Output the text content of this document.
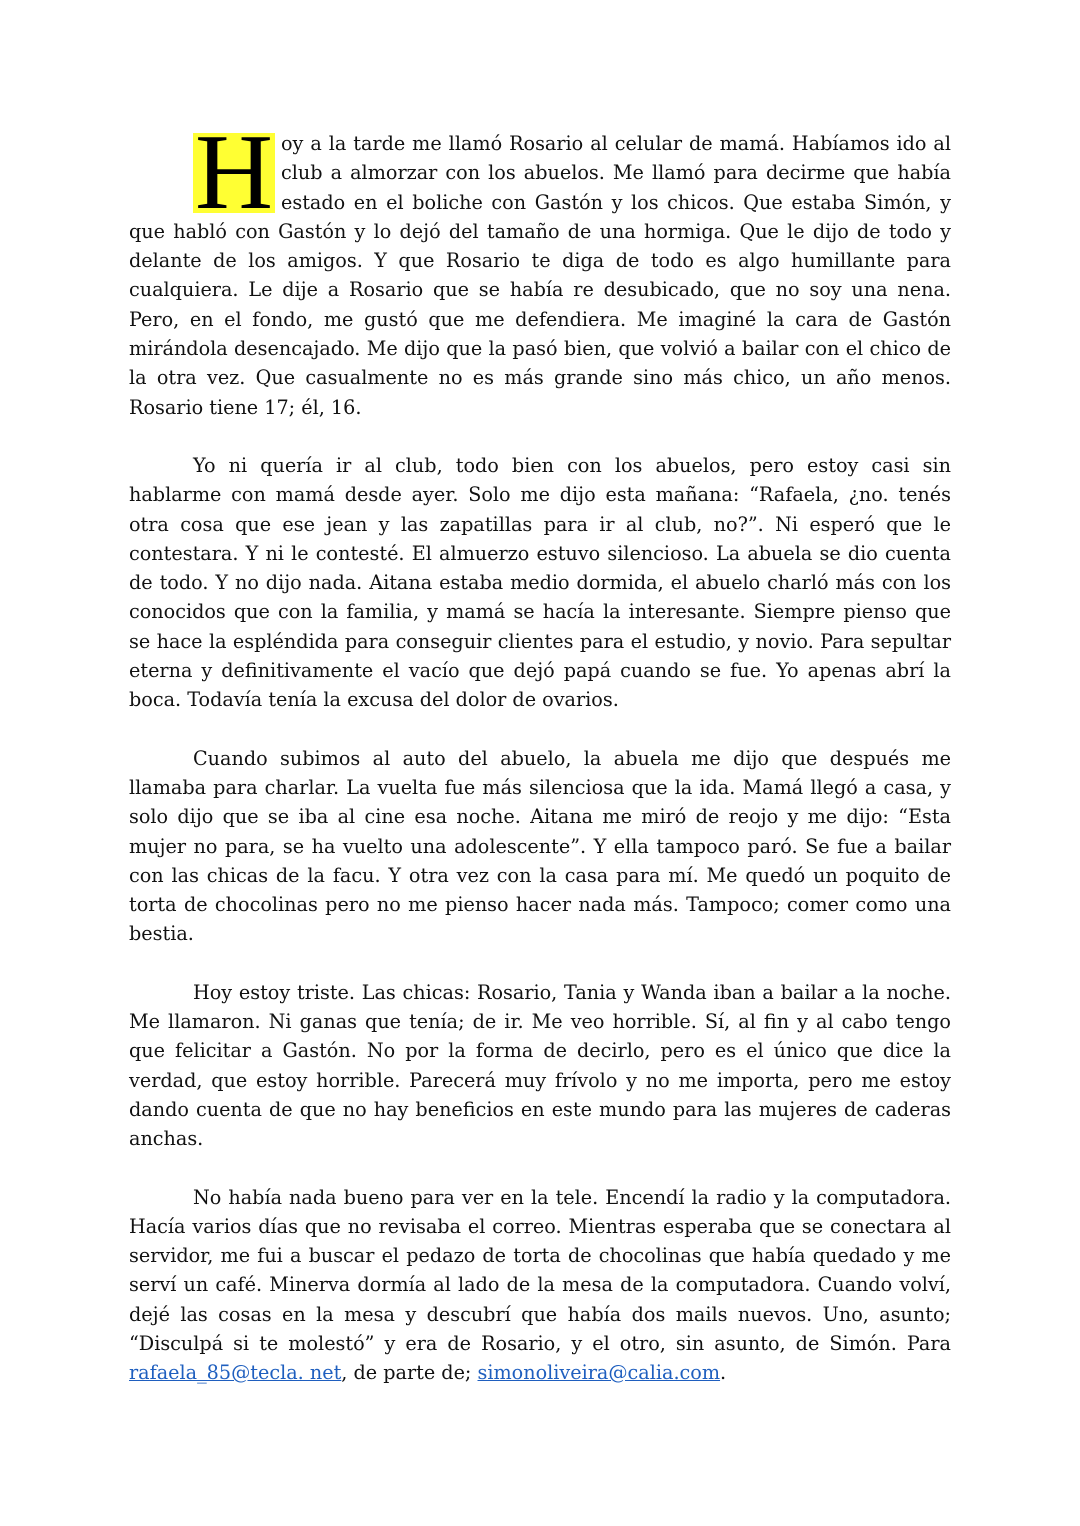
H oy a la tarde me llamó Rosario al celular de mamá. Habíamos ido al club a almorzar con los abuelos. Me llamó para decirme que había estado en el boliche con Gastón y los chicos. Que estaba Simón, y que habló con Gastón y lo dejó del tamaño de una hormiga. Que le dijo de todo y delante de los amigos. Y que Rosario te diga de todo es algo humillante para cualquiera. Le dije a Rosario que se había re desubicado, que no soy una nena. Pero, en el fondo, me gustó que me defendiera. Me imaginé la cara de Gastón mirándola desencajado. Me dijo que la pasó bien, que volvió a bailar con el chico de la otra vez. Que casualmente no es más grande sino más chico, un año menos. Rosario tiene 17; él, 16.

Yo ni quería ir al club, todo bien con los abuelos, pero estoy casi sin hablarme con mamá desde ayer. Solo me dijo esta mañana: “Rafaela, ¿no. tenés otra cosa que ese jean y las zapatillas para ir al club, no?”. Ni esperó que le contestara. Y ni le contesté. El almuerzo estuvo silencioso. La abuela se dio cuenta de todo. Y no dijo nada. Aitana estaba medio dormida, el abuelo charló más con los conocidos que con la familia, y mamá se hacía la interesante. Siempre pienso que se hace la espléndida para conseguir clientes para el estudio, y novio. Para sepultar eterna y definitivamente el vacío que dejó papá cuando se fue. Yo apenas abrí la boca. Todavía tenía la excusa del dolor de ovarios.

Cuando subimos al auto del abuelo, la abuela me dijo que después me llamaba para charlar. La vuelta fue más silenciosa que la ida. Mamá llegó a casa, y solo dijo que se iba al cine esa noche. Aitana me miró de reojo y me dijo: “Esta mujer no para, se ha vuelto una adolescente”. Y ella tampoco paró. Se fue a bailar con las chicas de la facu. Y otra vez con la casa para mí. Me quedó un poquito de torta de chocolinas pero no me pienso hacer nada más. Tampoco; comer como una bestia.

Hoy estoy triste. Las chicas: Rosario, Tania y Wanda iban a bailar a la noche. Me llamaron. Ni ganas que tenía; de ir. Me veo horrible. Sí, al fin y al cabo tengo que felicitar a Gastón. No por la forma de decirlo, pero es el único que dice la verdad, que estoy horrible. Parecerá muy frívolo y no me importa, pero me estoy dando cuenta de que no hay beneficios en este mundo para las mujeres de caderas anchas.

No había nada bueno para ver en la tele. Encendí la radio y la computadora. Hacía varios días que no revisaba el correo. Mientras esperaba que se conectara al servidor, me fui a buscar el pedazo de torta de chocolinas que había quedado y me serví un café. Minerva dormía al lado de la mesa de la computadora. Cuando volví, dejé las cosas en la mesa y descubrí que había dos mails nuevos. Uno, asunto; “Disculpá si te molestó” y era de Rosario, y el otro, sin asunto, de Simón. Para rafaela_85@tecla. net, de parte de; simonoliveira@calia.com.
